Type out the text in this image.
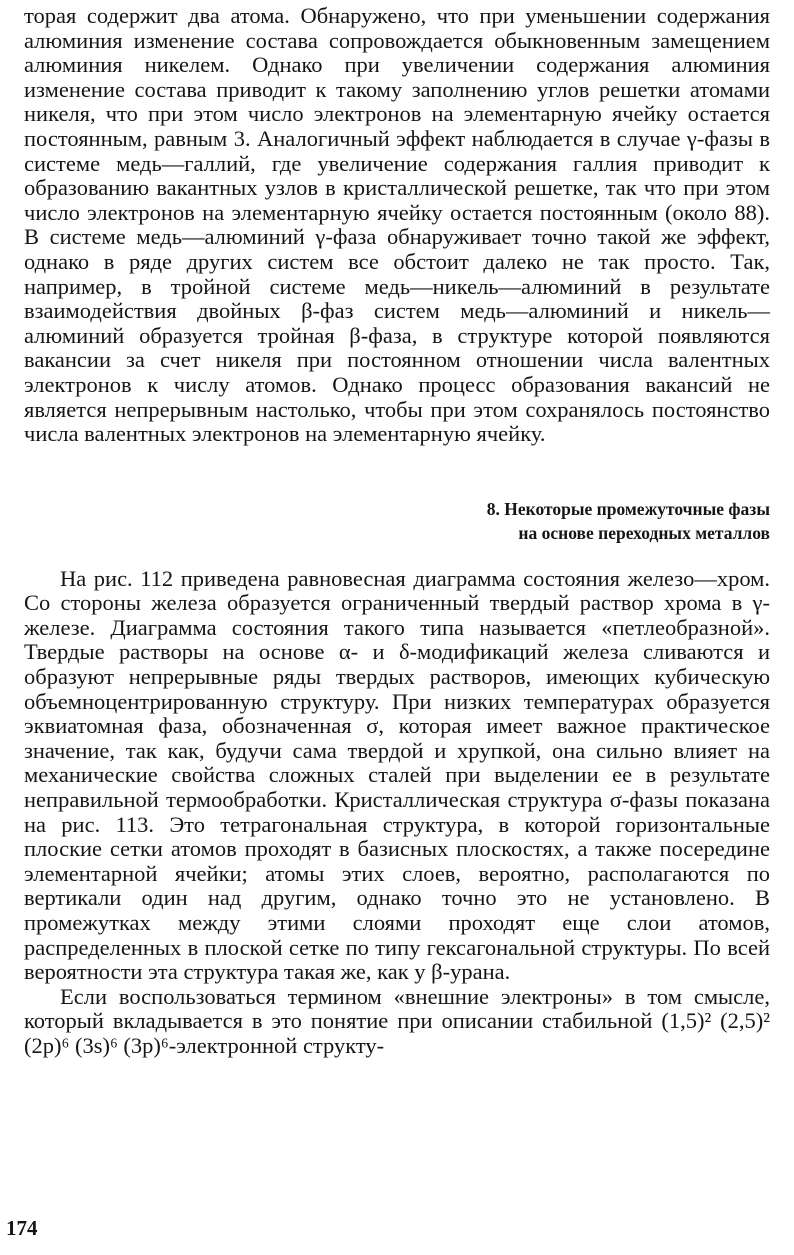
торая содержит два атома. Обнаружено, что при уменьшении содержания алюминия изменение состава сопровождается обыкновенным замещением алюминия никелем. Однако при увеличении содержания алюминия изменение состава приводит к такому заполнению углов решетки атомами никеля, что при этом число электронов на элементарную ячейку остается постоянным, равным 3. Аналогичный эффект наблюдается в случае γ-фазы в системе медь—галлий, где увеличение содержания галлия приводит к образованию вакантных узлов в кристаллической решетке, так что при этом число электронов на элементарную ячейку остается постоянным (около 88). В системе медь—алюминий γ-фаза обнаруживает точно такой же эффект, однако в ряде других систем все обстоит далеко не так просто. Так, например, в тройной системе медь—никель—алюминий в результате взаимодействия двойных β-фаз систем медь—алюминий и никель—алюминий образуется тройная β-фаза, в структуре которой появляются вакансии за счет никеля при постоянном отношении числа валентных электронов к числу атомов. Однако процесс образования вакансий не является непрерывным настолько, чтобы при этом сохранялось постоянство числа валентных электронов на элементарную ячейку.

8. Некоторые промежуточные фазы
на основе переходных металлов

На рис. 112 приведена равновесная диаграмма состояния железо—хром. Со стороны железа образуется ограниченный твердый раствор хрома в γ-железе. Диаграмма состояния такого типа называется «петлеобразной». Твердые растворы на основе α- и δ-модификаций железа сливаются и образуют непрерывные ряды твердых растворов, имеющих кубическую объемноцентрированную структуру. При низких температурах образуется эквиатомная фаза, обозначенная σ, которая имеет важное практическое значение, так как, будучи сама твердой и хрупкой, она сильно влияет на механические свойства сложных сталей при выделении ее в результате неправильной термообработки. Кристаллическая структура σ-фазы показана на рис. 113. Это тетрагональная структура, в которой горизонтальные плоские сетки атомов проходят в базисных плоскостях, а также посередине элементарной ячейки; атомы этих слоев, вероятно, располагаются по вертикали один над другим, однако точно это не установлено. В промежутках между этими слоями проходят еще слои атомов, распределенных в плоской сетке по типу гексагональной структуры. По всей вероятности эта структура такая же, как у β-урана.

Если воспользоваться термином «внешние электроны» в том смысле, который вкладывается в это понятие при описании стабильной (1,5)² (2,5)² (2p)⁶ (3s)⁶ (3p)⁶-электронной структу-

174
